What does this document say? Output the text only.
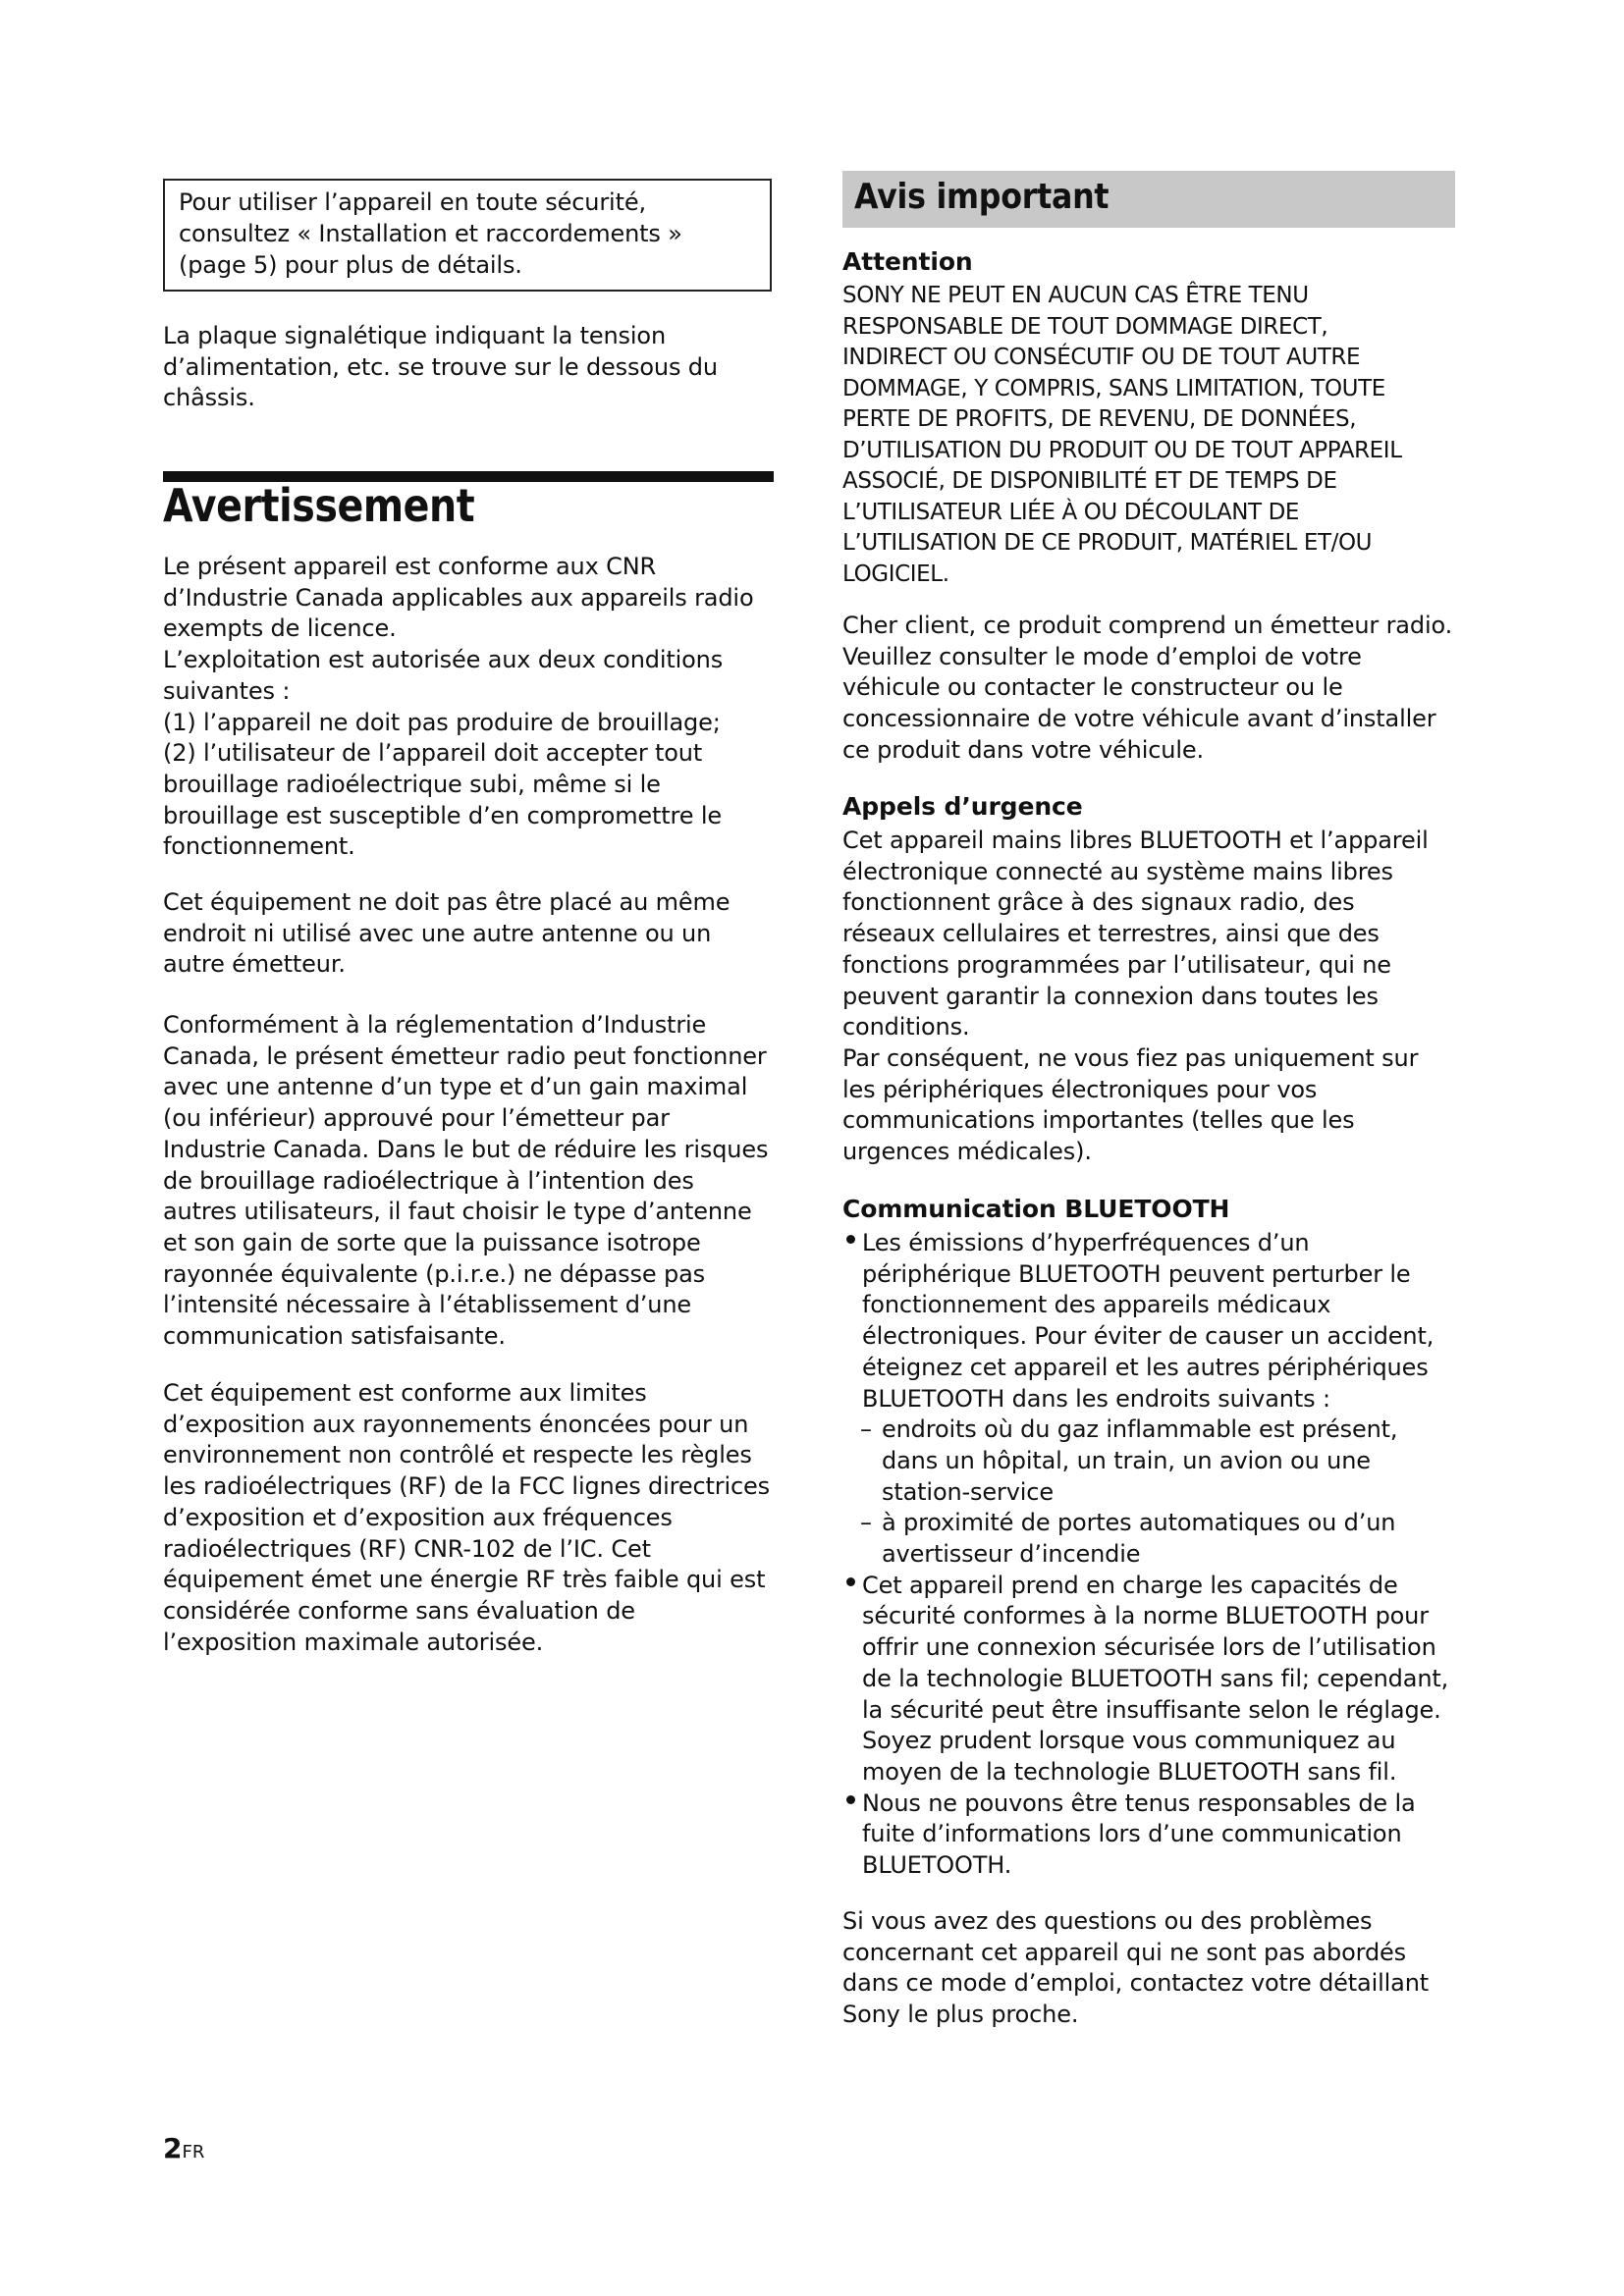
Pour utiliser l’appareil en toute sécurité,

consultez « Installation et raccordements »

(page 5) pour plus de détails.

La plaque signalétique indiquant la tension

d’alimentation, etc. se trouve sur le dessous du

châssis.

Avertissement

Le présent appareil est conforme aux CNR

d’Industrie Canada applicables aux appareils radio

exempts de licence.

L’exploitation est autorisée aux deux conditions

suivantes :

(1) l’appareil ne doit pas produire de brouillage;

(2) l’utilisateur de l’appareil doit accepter tout

brouillage radioélectrique subi, même si le

brouillage est susceptible d’en compromettre le

fonctionnement.

Cet équipement ne doit pas être placé au même

endroit ni utilisé avec une autre antenne ou un

autre émetteur.

Conformément à la réglementation d’Industrie

Canada, le présent émetteur radio peut fonctionner

avec une antenne d’un type et d’un gain maximal

(ou inférieur) approuvé pour l’émetteur par

Industrie Canada. Dans le but de réduire les risques

de brouillage radioélectrique à l’intention des

autres utilisateurs, il faut choisir le type d’antenne

et son gain de sorte que la puissance isotrope

rayonnée équivalente (p.i.r.e.) ne dépasse pas

l’intensité nécessaire à l’établissement d’une

communication satisfaisante.

Cet équipement est conforme aux limites

d’exposition aux rayonnements énoncées pour un

environnement non contrôlé et respecte les règles

les radioélectriques (RF) de la FCC lignes directrices

d’exposition et d’exposition aux fréquences

radioélectriques (RF) CNR-102 de l’IC. Cet

équipement émet une énergie RF très faible qui est

considérée conforme sans évaluation de

l’exposition maximale autorisée.

Avis important
Attention

SONY NE PEUT EN AUCUN CAS ÊTRE TENU

RESPONSABLE DE TOUT DOMMAGE DIRECT,

INDIRECT OU CONSÉCUTIF OU DE TOUT AUTRE

DOMMAGE, Y COMPRIS, SANS LIMITATION, TOUTE

PERTE DE PROFITS, DE REVENU, DE DONNÉES,

D’UTILISATION DU PRODUIT OU DE TOUT APPAREIL

ASSOCIÉ, DE DISPONIBILITÉ ET DE TEMPS DE

L’UTILISATEUR LIÉE À OU DÉCOULANT DE

L’UTILISATION DE CE PRODUIT, MATÉRIEL ET/OU

LOGICIEL.

Cher client, ce produit comprend un émetteur radio.

Veuillez consulter le mode d’emploi de votre

véhicule ou contacter le constructeur ou le

concessionnaire de votre véhicule avant d’installer

ce produit dans votre véhicule.

Appels d’urgence

Cet appareil mains libres BLUETOOTH et l’appareil

électronique connecté au système mains libres

fonctionnent grâce à des signaux radio, des

réseaux cellulaires et terrestres, ainsi que des

fonctions programmées par l’utilisateur, qui ne

peuvent garantir la connexion dans toutes les

conditions.

Par conséquent, ne vous fiez pas uniquement sur

les périphériques électroniques pour vos

communications importantes (telles que les

urgences médicales).

Communication BLUETOOTH

Les émissions d’hyperfréquences d’un

périphérique BLUETOOTH peuvent perturber le

fonctionnement des appareils médicaux

électroniques. Pour éviter de causer un accident,

éteignez cet appareil et les autres périphériques

BLUETOOTH dans les endroits suivants :

– endroits où du gaz inflammable est présent,

dans un hôpital, un train, un avion ou une

station-service

– à proximité de portes automatiques ou d’un

avertisseur d’incendie

Cet appareil prend en charge les capacités de

sécurité conformes à la norme BLUETOOTH pour

offrir une connexion sécurisée lors de l’utilisation

de la technologie BLUETOOTH sans fil; cependant,

la sécurité peut être insuffisante selon le réglage.

Soyez prudent lorsque vous communiquez au

moyen de la technologie BLUETOOTH sans fil.

Nous ne pouvons être tenus responsables de la

fuite d’informations lors d’une communication

BLUETOOTH.

Si vous avez des questions ou des problèmes

concernant cet appareil qui ne sont pas abordés

dans ce mode d’emploi, contactez votre détaillant

Sony le plus proche.

2FR
